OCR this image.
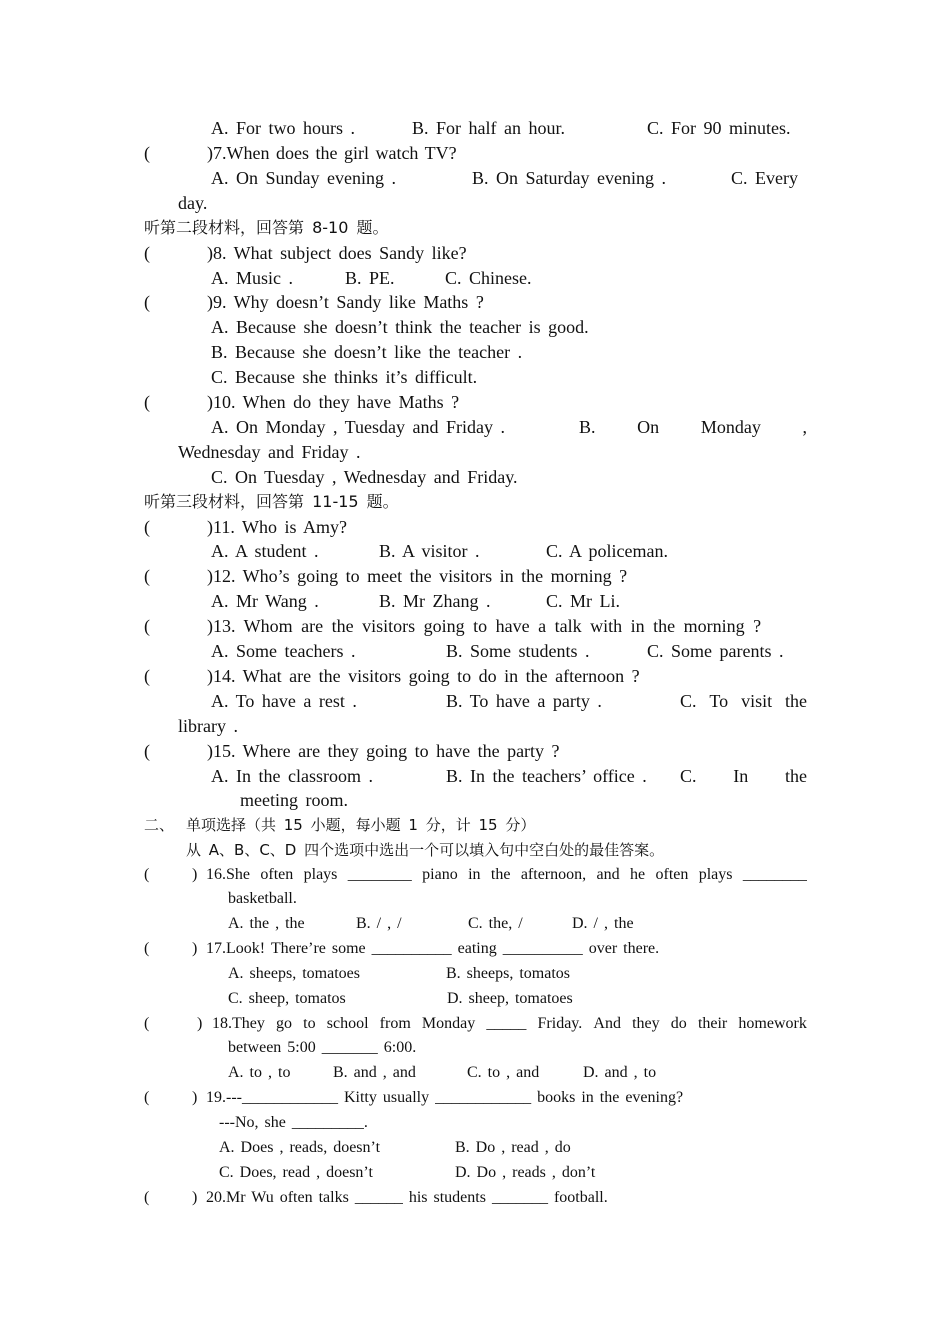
A. For two hours .	B. For half an hour.	C. For 90 minutes.
(	)7.When does the girl watch TV?
A. On Sunday evening .	B. On Saturday evening .	C. Every
day.
听第二段材料，回答第 8-10 题。
(	)8. What subject does Sandy like?
A. Music .	B. PE.	C. Chinese.
(	)9. Why doesn’t Sandy like Maths ?
A. Because she doesn’t think the teacher is good.
B. Because she doesn’t like the teacher .
C. Because she thinks it’s difficult.
(	)10. When do they have Maths ?
A. On Monday , Tuesday and Friday .	B. On Monday ,
Wednesday and Friday .
C. On Tuesday , Wednesday and Friday.
听第三段材料，回答第 11-15 题。
(	)11. Who is Amy?
A. A student .	B. A visitor .	C. A policeman.
(	)12. Who’s going to meet the visitors in the morning ?
A. Mr Wang .	B. Mr Zhang .	C. Mr Li.
(	)13. Whom are the visitors going to have a talk with in the morning ?
A. Some teachers .	B. Some students .	C. Some parents .
(	)14. What are the visitors going to do in the afternoon ?
A. To have a rest .	B. To have a party .	C. To visit the
library .
(	)15. Where are they going to have the party ?
A. In the classroom .	B. In the teachers’ office . C. In the
meeting room.
二、 单项选择（共 15 小题，每小题 1 分，计 15 分）
从 A、B、C、D 四个选项中选出一个可以填入句中空白处的最佳答案。
(	) 16.She often plays ________ piano in the afternoon, and he often plays ________
basketball.
A. the , the	B. / , /	C. the, /	D. / , the
(	) 17.Look! There’re some __________ eating __________ over there.
A. sheeps, tomatoes	B. sheeps, tomatos
C. sheep, tomatos	D. sheep, tomatoes
(	) 18.They go to school from Monday _____ Friday. And they do their homework
between 5:00 _______ 6:00.
A. to , to	B. and , and	C. to , and	D. and , to
(	) 19.---____________ Kitty usually ____________ books in the evening?
---No, she _________.
A. Does , reads, doesn’t	B. Do , read , do
C. Does, read , doesn’t	D. Do , reads , don’t
(	) 20.Mr Wu often talks ______ his students _______ football.
